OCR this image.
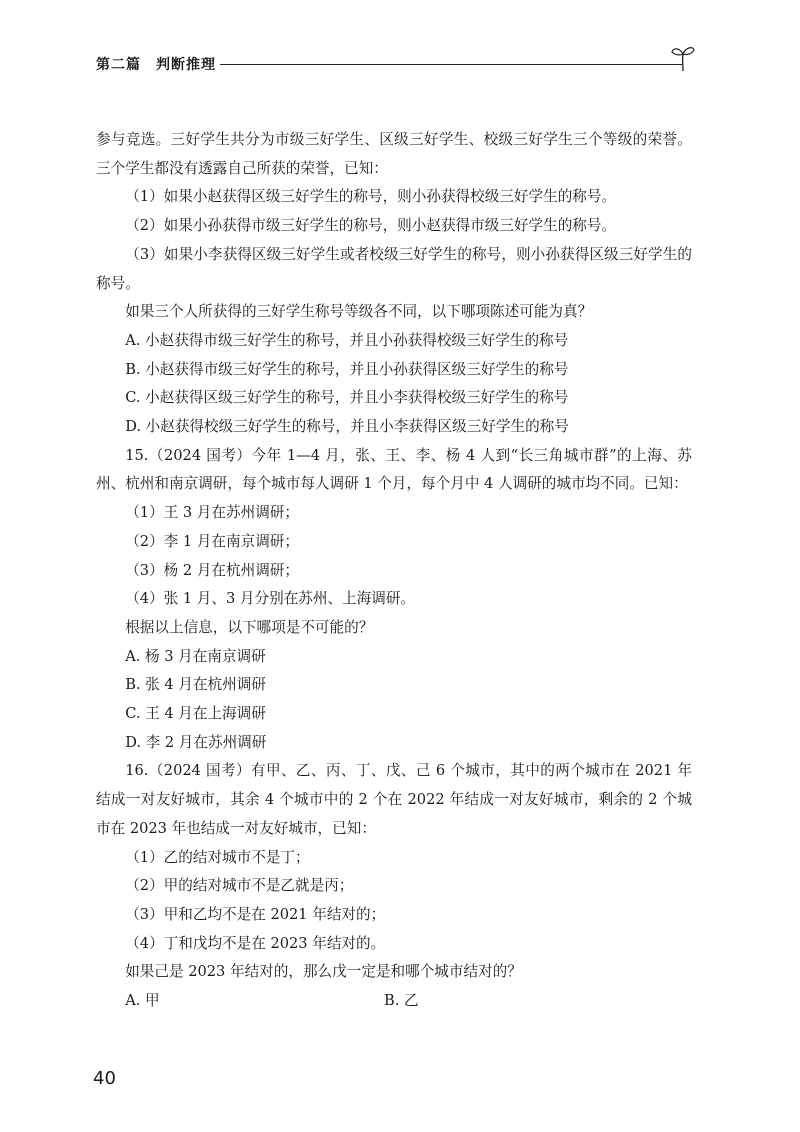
第二篇　判断推理

参与竞选。三好学生共分为市级三好学生、区级三好学生、校级三好学生三个等级的荣誉。三个学生都没有透露自己所获的荣誉，已知：

（1）如果小赵获得区级三好学生的称号，则小孙获得校级三好学生的称号。

（2）如果小孙获得市级三好学生的称号，则小赵获得市级三好学生的称号。

（3）如果小李获得区级三好学生或者校级三好学生的称号，则小孙获得区级三好学生的称号。

如果三个人所获得的三好学生称号等级各不同，以下哪项陈述可能为真？

A. 小赵获得市级三好学生的称号，并且小孙获得校级三好学生的称号

B. 小赵获得市级三好学生的称号，并且小孙获得区级三好学生的称号

C. 小赵获得区级三好学生的称号，并且小李获得校级三好学生的称号

D. 小赵获得校级三好学生的称号，并且小李获得区级三好学生的称号

15.（2024 国考）今年 1—4 月，张、王、李、杨 4 人到“长三角城市群”的上海、苏州、杭州和南京调研，每个城市每人调研 1 个月，每个月中 4 人调研的城市均不同。已知：

（1）王 3 月在苏州调研；

（2）李 1 月在南京调研；

（3）杨 2 月在杭州调研；

（4）张 1 月、3 月分别在苏州、上海调研。

根据以上信息，以下哪项是不可能的？

A. 杨 3 月在南京调研

B. 张 4 月在杭州调研

C. 王 4 月在上海调研

D. 李 2 月在苏州调研

16.（2024 国考）有甲、乙、丙、丁、戊、己 6 个城市，其中的两个城市在 2021 年结成一对友好城市，其余 4 个城市中的 2 个在 2022 年结成一对友好城市，剩余的 2 个城市在 2023 年也结成一对友好城市，已知：

（1）乙的结对城市不是丁；

（2）甲的结对城市不是乙就是丙；

（3）甲和乙均不是在 2021 年结对的；

（4）丁和戊均不是在 2023 年结对的。

如果己是 2023 年结对的，那么戊一定是和哪个城市结对的？

A. 甲	B. 乙
40
